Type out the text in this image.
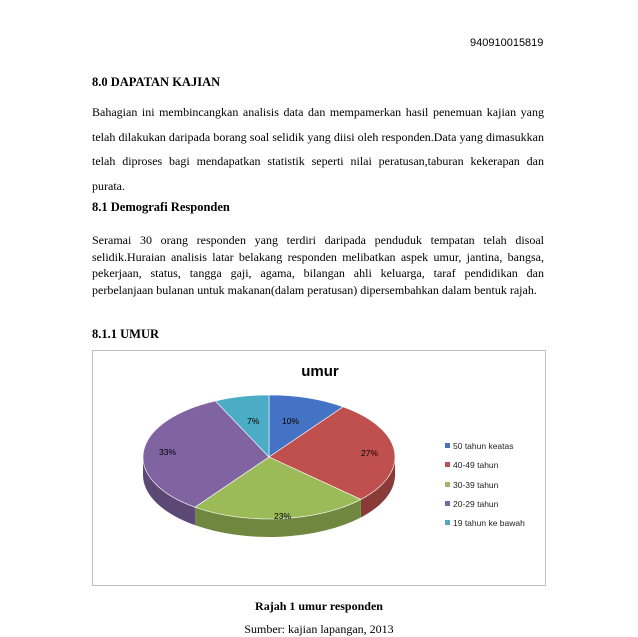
940910015819
8.0 DAPATAN KAJIAN

Bahagian ini membincangkan analisis data dan mempamerkan hasil penemuan kajian yang telah dilakukan daripada borang soal selidik yang diisi oleh responden.Data yang dimasukkan telah diproses bagi mendapatkan statistik seperti nilai peratusan,taburan kekerapan dan purata.

8.1 Demografi Responden

Seramai 30 orang responden yang terdiri daripada penduduk tempatan telah disoal selidik.Huraian analisis latar belakang responden melibatkan aspek umur, jantina, bangsa, pekerjaan, status, tangga gaji, agama, bilangan ahli keluarga, taraf pendidikan dan perbelanjaan bulanan untuk makanan(dalam peratusan) dipersembahkan dalam bentuk rajah.

8.1.1 UMUR
umur
7%	10%
27%
23%
33%
50 tahun keatas
40-49 tahun
30-39 tahun
20-29 tahun
19 tahun ke bawah
Rajah 1 umur responden
Sumber: kajian lapangan, 2013
